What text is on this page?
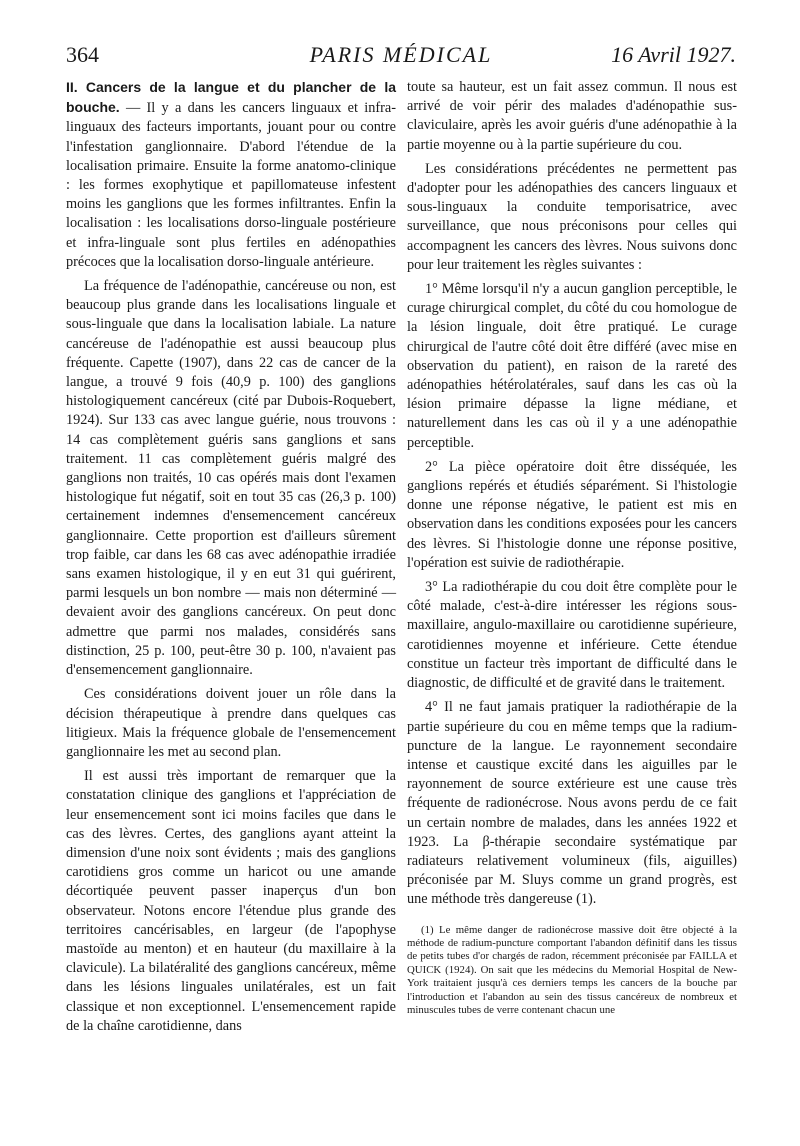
364	PARIS MÉDICAL	16 Avril 1927.

II. Cancers de la langue et du plancher de la bouche. — Il y a dans les cancers linguaux et infra-linguaux des facteurs importants, jouant pour ou contre l'infestation ganglionnaire. D'abord l'étendue de la localisation primaire. Ensuite la forme anatomo-clinique : les formes exophytique et papillomateuse infestent moins les ganglions que les formes infiltrantes. Enfin la localisation : les localisations dorso-linguale postérieure et infra-linguale sont plus fertiles en adénopathies précoces que la localisation dorso-linguale antérieure.

La fréquence de l'adénopathie, cancéreuse ou non, est beaucoup plus grande dans les localisations linguale et sous-linguale que dans la localisation labiale. La nature cancéreuse de l'adénopathie est aussi beaucoup plus fréquente. Capette (1907), dans 22 cas de cancer de la langue, a trouvé 9 fois (40,9 p. 100) des ganglions histologiquement cancéreux (cité par Dubois-Roquebert, 1924). Sur 133 cas avec langue guérie, nous trouvons : 14 cas complètement guéris sans ganglions et sans traitement. 11 cas complètement guéris malgré des ganglions non traités, 10 cas opérés mais dont l'examen histologique fut négatif, soit en tout 35 cas (26,3 p. 100) certainement indemnes d'ensemencement cancéreux ganglionnaire. Cette proportion est d'ailleurs sûrement trop faible, car dans les 68 cas avec adénopathie irradiée sans examen histologique, il y en eut 31 qui guérirent, parmi lesquels un bon nombre — mais non déterminé — devaient avoir des ganglions cancéreux. On peut donc admettre que parmi nos malades, considérés sans distinction, 25 p. 100, peut-être 30 p. 100, n'avaient pas d'ensemencement ganglionnaire.

Ces considérations doivent jouer un rôle dans la décision thérapeutique à prendre dans quelques cas litigieux. Mais la fréquence globale de l'ensemencement ganglionnaire les met au second plan.

Il est aussi très important de remarquer que la constatation clinique des ganglions et l'appréciation de leur ensemencement sont ici moins faciles que dans le cas des lèvres. Certes, des ganglions ayant atteint la dimension d'une noix sont évidents ; mais des ganglions carotidiens gros comme un haricot ou une amande décortiquée peuvent passer inaperçus d'un bon observateur. Notons encore l'étendue plus grande des territoires cancérisables, en largeur (de l'apophyse mastoïde au menton) et en hauteur (du maxillaire à la clavicule). La bilatéralité des ganglions cancéreux, même dans les lésions linguales unilatérales, est un fait classique et non exceptionnel. L'ensemencement rapide de la chaîne carotidienne, dans

toute sa hauteur, est un fait assez commun. Il nous est arrivé de voir périr des malades d'adénopathie sus-claviculaire, après les avoir guéris d'une adénopathie à la partie moyenne ou à la partie supérieure du cou.

Les considérations précédentes ne permettent pas d'adopter pour les adénopathies des cancers linguaux et sous-linguaux la conduite temporisatrice, avec surveillance, que nous préconisons pour celles qui accompagnent les cancers des lèvres. Nous suivons donc pour leur traitement les règles suivantes :

1° Même lorsqu'il n'y a aucun ganglion perceptible, le curage chirurgical complet, du côté du cou homologue de la lésion linguale, doit être pratiqué. Le curage chirurgical de l'autre côté doit être différé (avec mise en observation du patient), en raison de la rareté des adénopathies hétérolatérales, sauf dans les cas où la lésion primaire dépasse la ligne médiane, et naturellement dans les cas où il y a une adénopathie perceptible.

2° La pièce opératoire doit être disséquée, les ganglions repérés et étudiés séparément. Si l'histologie donne une réponse négative, le patient est mis en observation dans les conditions exposées pour les cancers des lèvres. Si l'histologie donne une réponse positive, l'opération est suivie de radiothérapie.

3° La radiothérapie du cou doit être complète pour le côté malade, c'est-à-dire intéresser les régions sous-maxillaire, angulo-maxillaire ou carotidienne supérieure, carotidiennes moyenne et inférieure. Cette étendue constitue un facteur très important de difficulté dans le diagnostic, de difficulté et de gravité dans le traitement.

4° Il ne faut jamais pratiquer la radiothérapie de la partie supérieure du cou en même temps que la radium-puncture de la langue. Le rayonnement secondaire intense et caustique excité dans les aiguilles par le rayonnement de source extérieure est une cause très fréquente de radionécrose. Nous avons perdu de ce fait un certain nombre de malades, dans les années 1922 et 1923. La β-thérapie secondaire systématique par radiateurs relativement volumineux (fils, aiguilles) préconisée par M. Sluys comme un grand progrès, est une méthode très dangereuse (1).

(1) Le même danger de radionécrose massive doit être objecté à la méthode de radium-puncture comportant l'abandon définitif dans les tissus de petits tubes d'or chargés de radon, récemment préconisée par FAILLA et QUICK (1924). On sait que les médecins du Memorial Hospital de New-York traitaient jusqu'à ces derniers temps les cancers de la bouche par l'introduction et l'abandon au sein des tissus cancéreux de nombreux et minuscules tubes de verre contenant chacun une
